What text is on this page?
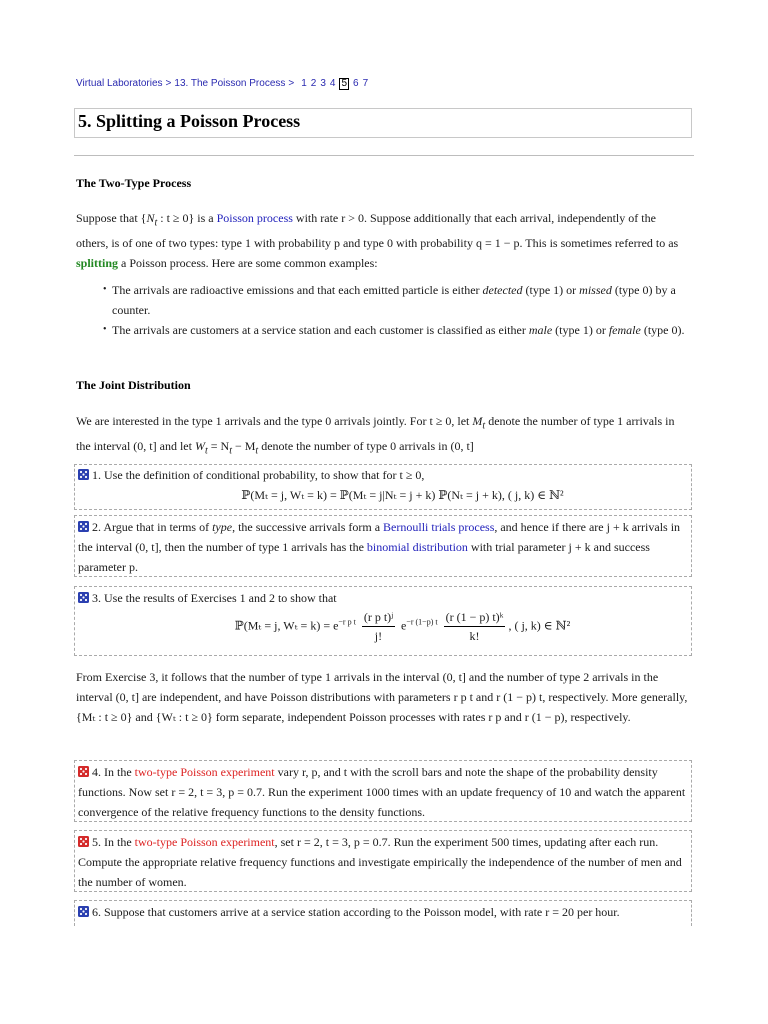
Virtual Laboratories > 13. The Poisson Process > 1 2 3 4 5 6 7
5. Splitting a Poisson Process
The Two-Type Process

Suppose that {$N_t$ : t ≥ 0} is a Poisson process with rate r > 0. Suppose additionally that each arrival, independently of the others, is of one of two types: type 1 with probability p and type 0 with probability q = 1 − p. This is sometimes referred to as splitting a Poisson process. Here are some common examples:

• The arrivals are radioactive emissions and that each emitted particle is either detected (type 1) or missed (type 0) by a counter.
• The arrivals are customers at a service station and each customer is classified as either male (type 1) or female (type 0).
The Joint Distribution

We are interested in the type 1 arrivals and the type 0 arrivals jointly. For t ≥ 0, let $M_t$ denote the number of type 1 arrivals in the interval (0, t] and let $W_t = N_t - M_t$ denote the number of type 0 arrivals in (0, t]

1. Use the definition of conditional probability, to show that for t ≥ 0,

ℙ(Mₜ = j, Wₜ = k) = ℙ(Mₜ = j|Nₜ = j + k) ℙ(Nₜ = j + k), ( j, k) ∈ ℕ²

2. Argue that in terms of type, the successive arrivals form a Bernoulli trials process, and hence if there are j + k arrivals in the interval (0, t], then the number of type 1 arrivals has the binomial distribution with trial parameter j + k and success parameter p.

3. Use the results of Exercises 1 and 2 to show that

ℙ(Mₜ = j, $W_t = k) = e^{-r p t} \frac{\text{(r p t)ʲ}}{j!} e^{-r (1-p) t} \frac{\text{(r (1 − p) t)ᵏ}}{k!}$ , ( j, k) ∈ ℕ²

From Exercise 3, it follows that the number of type 1 arrivals in the interval (0, t] and the number of type 2 arrivals in the interval (0, t] are independent, and have Poisson distributions with parameters r p t and r (1 − p) t, respectively. More generally, {Mₜ : t ≥ 0} and {Wₜ : t ≥ 0} form separate, independent Poisson processes with rates r p and r (1 − p), respectively.

4. In the two-type Poisson experiment vary r, p, and t with the scroll bars and note the shape of the probability density functions. Now set r = 2, t = 3, p = 0.7. Run the experiment 1000 times with an update frequency of 10 and watch the apparent convergence of the relative frequency functions to the density functions.

5. In the two-type Poisson experiment, set r = 2, t = 3, p = 0.7. Run the experiment 500 times, updating after each run. Compute the appropriate relative frequency functions and investigate empirically the independence of the number of men and the number of women.

6. Suppose that customers arrive at a service station according to the Poisson model, with rate r = 20 per hour.
